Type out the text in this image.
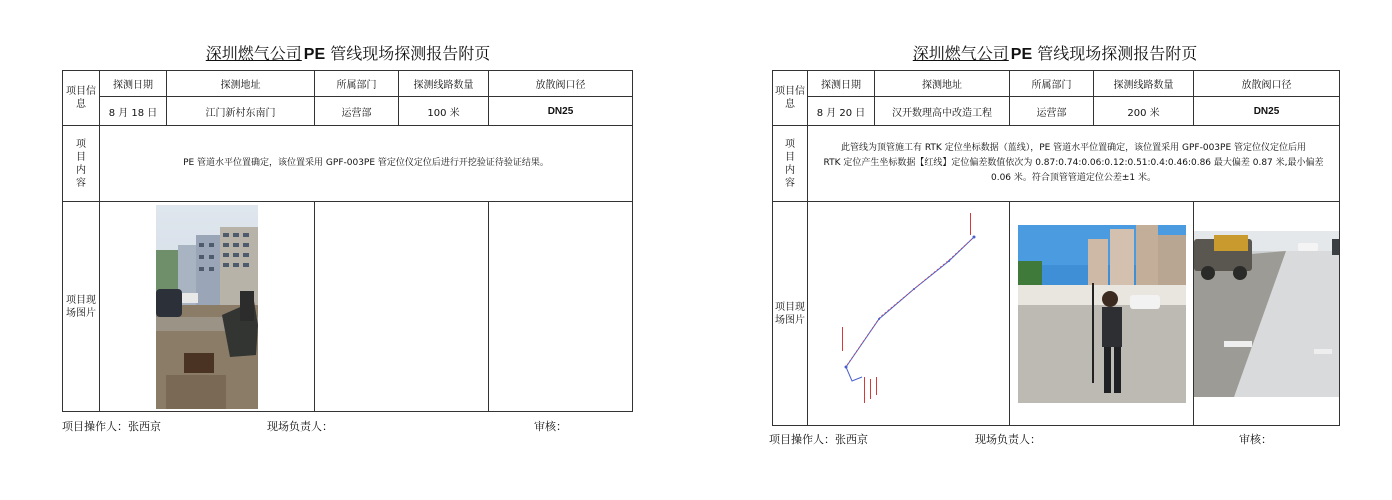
深圳燃气公司 PE 管线现场探测报告附页
项目信息	探测日期	探测地址	所属部门	探测线路数量	放散阀口径
	8 月 18 日	江门新村东南门	运营部	100 米	DN25

项目内容	PE 管道水平位置确定，该位置采用 GPF-003PE 管定位仪定位后进行开挖验证待验证结果。				

项目现场图片

项目操作人：张西京	现场负责人：	审核：
深圳燃气公司 PE 管线现场探测报告附页
项目信息	探测日期	探测地址	所属部门	探测线路数量	放散阀口径
	8 月 20 日	汉开数理高中改造工程	运营部	200 米	DN25

项目内容	此管线为顶管施工有 RTK 定位坐标数据（蓝线），PE 管道水平位置确定，该位置采用 GPF-003PE 管定位仪定位后用
RTK 定位产生坐标数据【红线】定位偏差数值依次为 0.87:0.74:0.06:0.12:0.51:0.4:0.46:0.86 最大偏差 0.87 米,最小偏差
0.06 米。符合顶管管道定位公差±1 米。				

项目现场图片

项目操作人：张西京	现场负责人：	审核：
